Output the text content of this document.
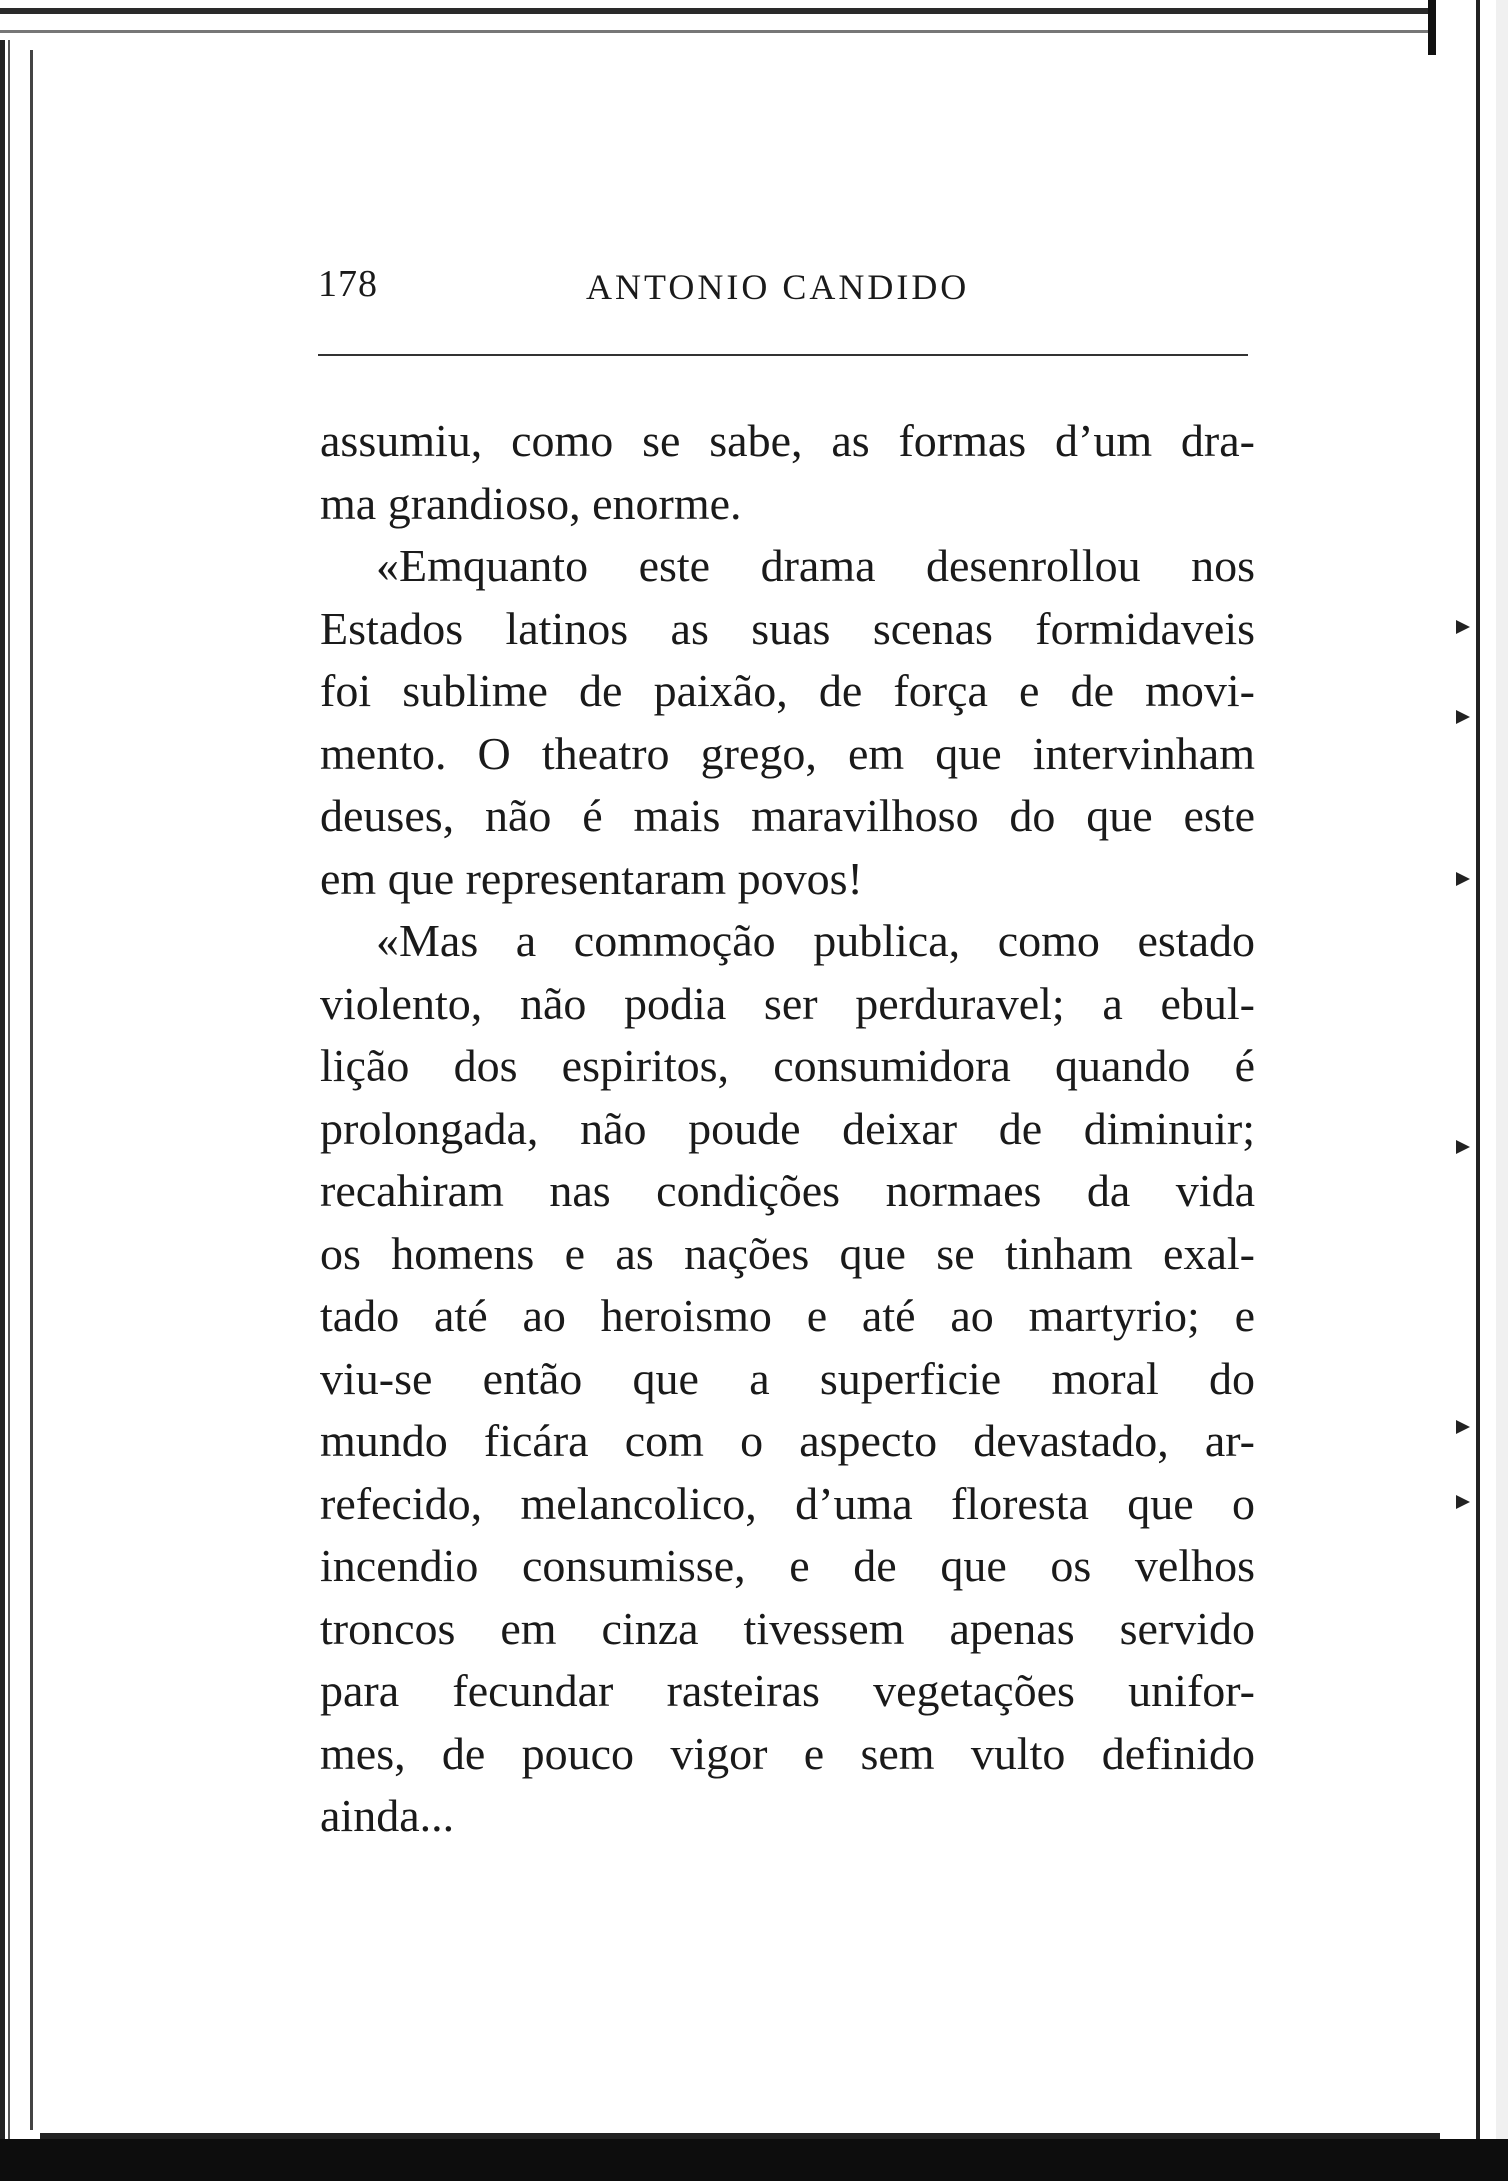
178	ANTONIO CANDIDO
assumiu, como se sabe, as formas d’um dra-
ma grandioso, enorme.
«Emquanto este drama desenrollou nos
Estados latinos as suas scenas formidaveis
foi sublime de paixão, de força e de movi-
mento. O theatro grego, em que intervinham
deuses, não é mais maravilhoso do que este
em que representaram povos!
«Mas a commoção publica, como estado
violento, não podia ser perduravel; a ebul-
lição dos espiritos, consumidora quando é
prolongada, não poude deixar de diminuir;
recahiram nas condições normaes da vida
os homens e as nações que se tinham exal-
tado até ao heroismo e até ao martyrio; e
viu-se então que a superficie moral do
mundo ficára com o aspecto devastado, ar-
refecido, melancolico, d’uma floresta que o
incendio consumisse, e de que os velhos
troncos em cinza tivessem apenas servido
para fecundar rasteiras vegetações unifor-
mes, de pouco vigor e sem vulto definido
ainda...
